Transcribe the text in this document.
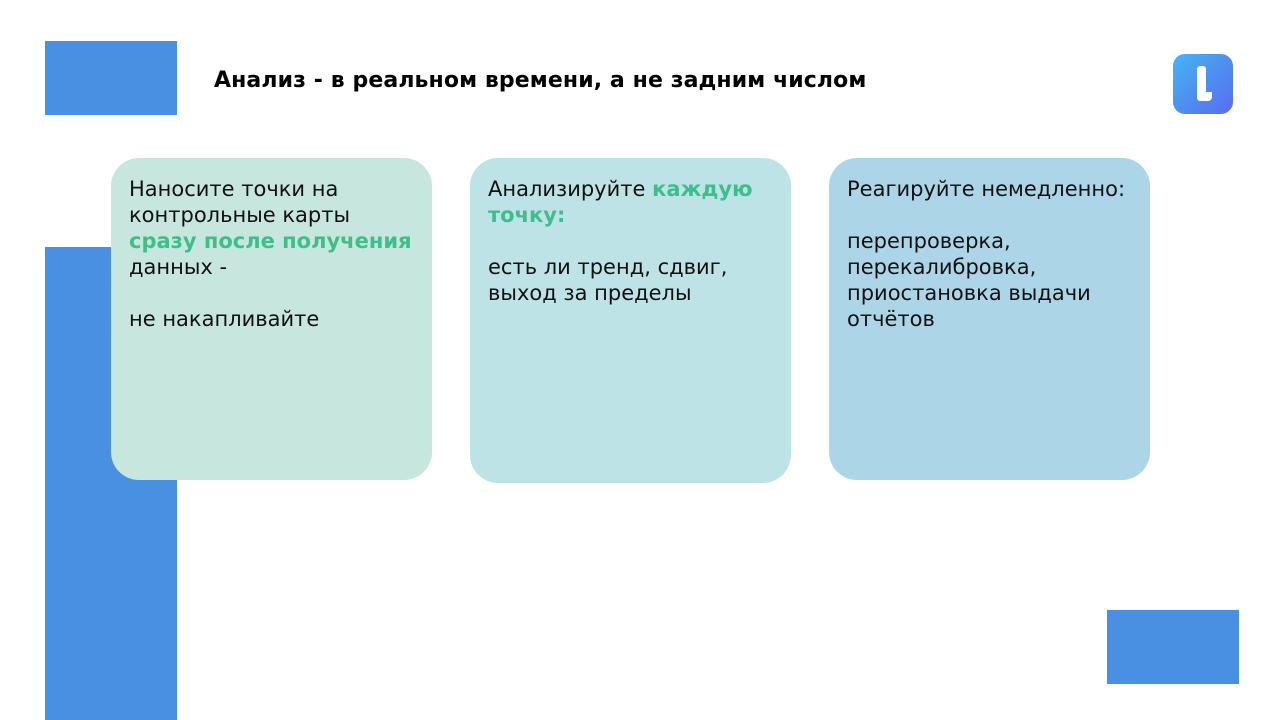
Анализ - в реальном времени, а не задним числом

Наносите точки на контрольные карты сразу после получения данных -

не накапливайте

Анализируйте каждую точку:

есть ли тренд, сдвиг,

выход за пределы

Реагируйте немедленно:

перепроверка,

перекалибровка,

приостановка выдачи отчётов
